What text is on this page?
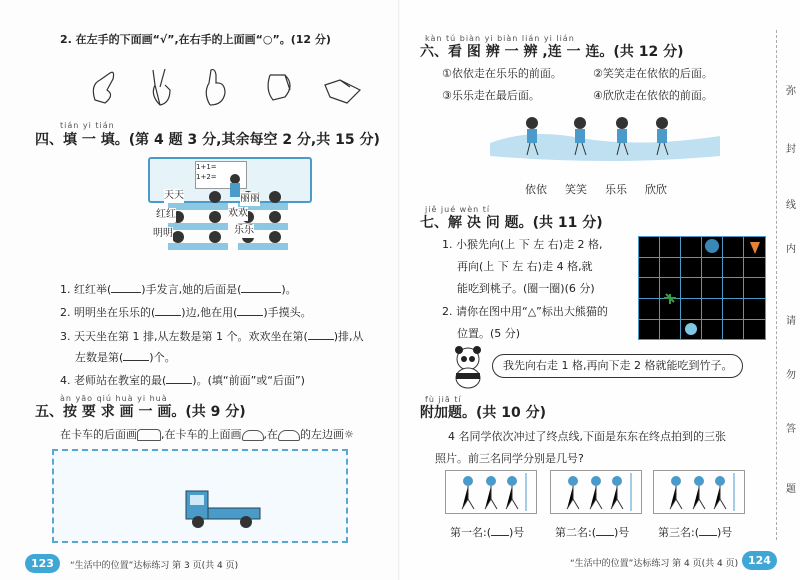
2. 在左手的下面画“√”,在右手的上面画“○”。(12 分)
tián yi tián
四、填 一 填。(第 4 题 3 分,其余每空 2 分,共 15 分)
1+1=
1+2=
天天	丽丽
红红	欢欢
明明	乐乐
1. 红红举(	)手发言,她的后面是(	)。
2. 明明坐在乐乐的( )边,他在用( )手摸头。
3. 天天坐在第 1 排,从左数是第 1 个。欢欢坐在第( )排,从
左数是第( )个。
4. 老师站在教室的最( )。(填“前面”或“后面”)
àn yāo qiú huà yi huà
五、按 要 求 画 一 画。(共 9 分)
在卡车的后面画 ,在卡车的上面画 ,在 的左边画☼
123	“生活中的位置”达标练习 第 3 页(共 4 页)
kàn tú biàn yi biàn lián yi lián
六、看 图 辨 一 辨 ,连 一 连。(共 12 分)
①依依走在乐乐的前面。	②笑笑走在依依的后面。
③乐乐走在最后面。	④欣欣走在依依的前面。
依依 笑笑 乐乐 欣欣
jiě jué wèn tí
七、解 决 问 题。(共 11 分)
1. 小猴先向(上 下 左 右)走 2 格,
再向(上 下 左 右)走 4 格,就
能吃到桃子。(圈一圈)(6 分)
2. 请你在图中用“△”标出大熊猫的
位置。(5 分)
我先向右走 1 格,再向下走 2 格就能吃到竹子。
fù jiā tí
附加题。(共 10 分)
4 名同学依次冲过了终点线,下面是东东在终点拍到的三张
照片。前三名同学分别是几号?
第一名:( )号	第二名:( )号	第三名:( )号
“生活中的位置”达标练习 第 4 页(共 4 页) 124
弥
封
线
内
请
勿
答
题
